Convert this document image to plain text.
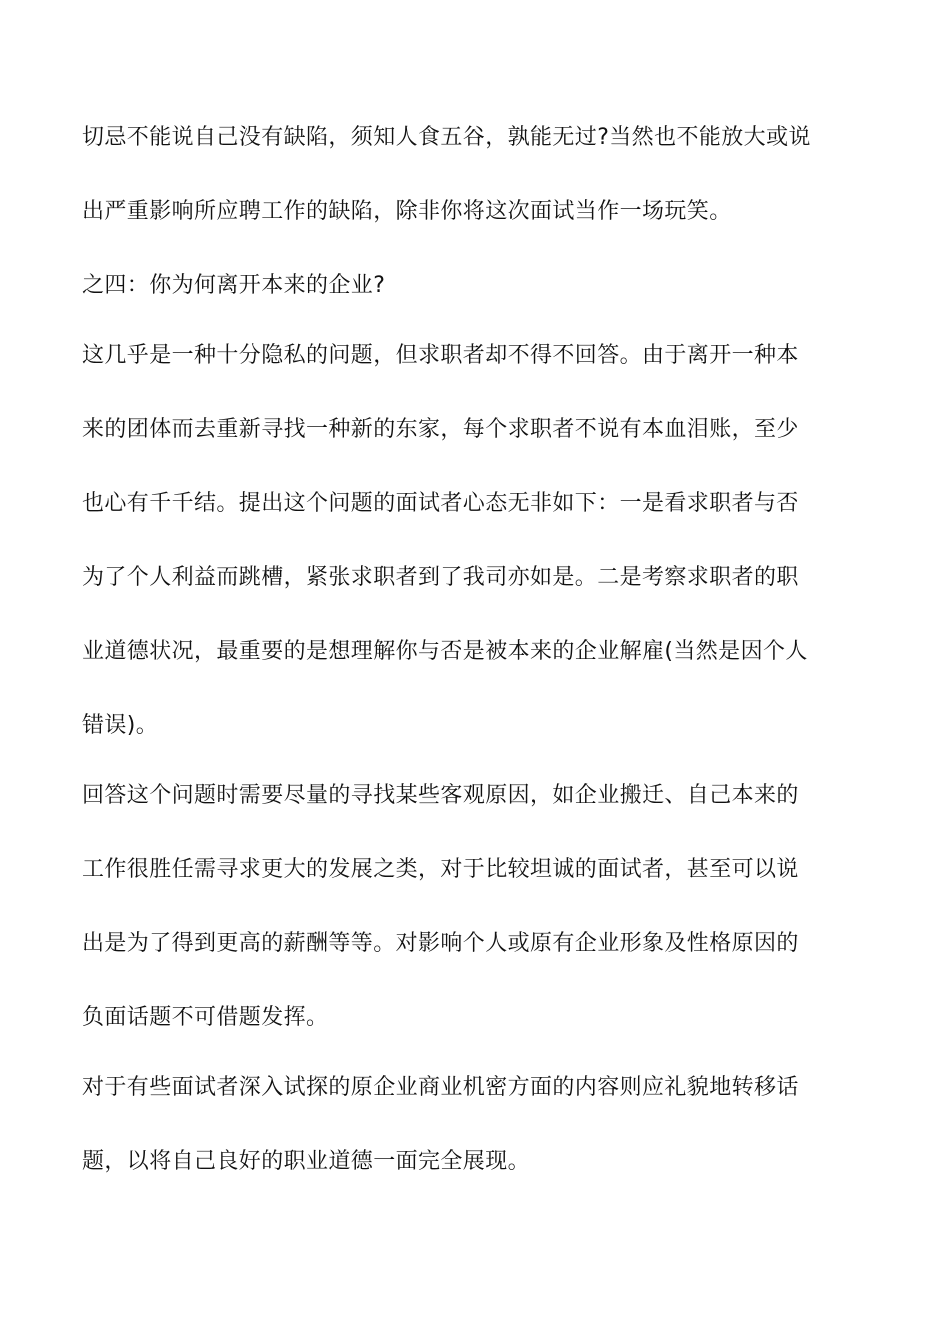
切忌不能说自己没有缺陷，须知人食五谷，孰能无过?当然也不能放大或说
出严重影响所应聘工作的缺陷，除非你将这次面试当作一场玩笑。
之四：你为何离开本来的企业?
这几乎是一种十分隐私的问题，但求职者却不得不回答。由于离开一种本
来的团体而去重新寻找一种新的东家，每个求职者不说有本血泪账，至少
也心有千千结。提出这个问题的面试者心态无非如下：一是看求职者与否
为了个人利益而跳槽，紧张求职者到了我司亦如是。二是考察求职者的职
业道德状况，最重要的是想理解你与否是被本来的企业解雇(当然是因个人
错误)。
回答这个问题时需要尽量的寻找某些客观原因，如企业搬迁、自己本来的
工作很胜任需寻求更大的发展之类，对于比较坦诚的面试者，甚至可以说
出是为了得到更高的薪酬等等。对影响个人或原有企业形象及性格原因的
负面话题不可借题发挥。
对于有些面试者深入试探的原企业商业机密方面的内容则应礼貌地转移话
题，以将自己良好的职业道德一面完全展现。
